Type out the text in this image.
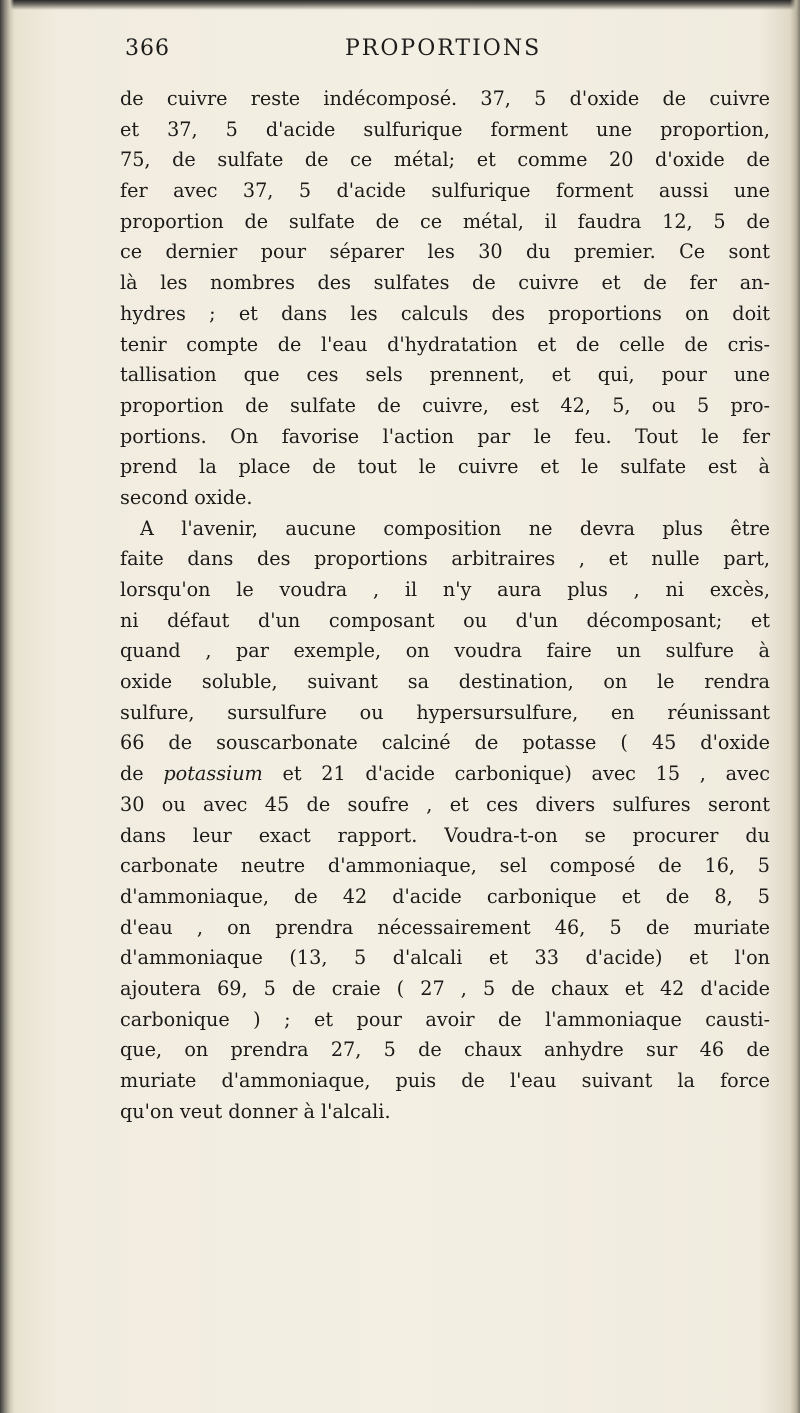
366	PROPORTIONS
de cuivre reste indécomposé. 37, 5 d'oxide de cuivre
et 37, 5 d'acide sulfurique forment une proportion,
75, de sulfate de ce métal; et comme 20 d'oxide de
fer avec 37, 5 d'acide sulfurique forment aussi une
proportion de sulfate de ce métal, il faudra 12, 5 de
ce dernier pour séparer les 30 du premier. Ce sont
là les nombres des sulfates de cuivre et de fer an-
hydres ; et dans les calculs des proportions on doit
tenir compte de l'eau d'hydratation et de celle de cris-
tallisation que ces sels prennent, et qui, pour une
proportion de sulfate de cuivre, est 42, 5, ou 5 pro-
portions. On favorise l'action par le feu. Tout le fer
prend la place de tout le cuivre et le sulfate est à
second oxide.
A l'avenir, aucune composition ne devra plus être
faite dans des proportions arbitraires , et nulle part,
lorsqu'on le voudra , il n'y aura plus , ni excès,
ni défaut d'un composant ou d'un décomposant; et
quand , par exemple, on voudra faire un sulfure à
oxide soluble, suivant sa destination, on le rendra
sulfure, sursulfure ou hypersursulfure, en réunissant
66 de souscarbonate calciné de potasse ( 45 d'oxide
de potassium et 21 d'acide carbonique) avec 15 , avec
30 ou avec 45 de soufre , et ces divers sulfures seront
dans leur exact rapport. Voudra-t-on se procurer du
carbonate neutre d'ammoniaque, sel composé de 16, 5
d'ammoniaque, de 42 d'acide carbonique et de 8, 5
d'eau , on prendra nécessairement 46, 5 de muriate
d'ammoniaque (13, 5 d'alcali et 33 d'acide) et l'on
ajoutera 69, 5 de craie ( 27 , 5 de chaux et 42 d'acide
carbonique ) ; et pour avoir de l'ammoniaque causti-
que, on prendra 27, 5 de chaux anhydre sur 46 de
muriate d'ammoniaque, puis de l'eau suivant la force
qu'on veut donner à l'alcali.
